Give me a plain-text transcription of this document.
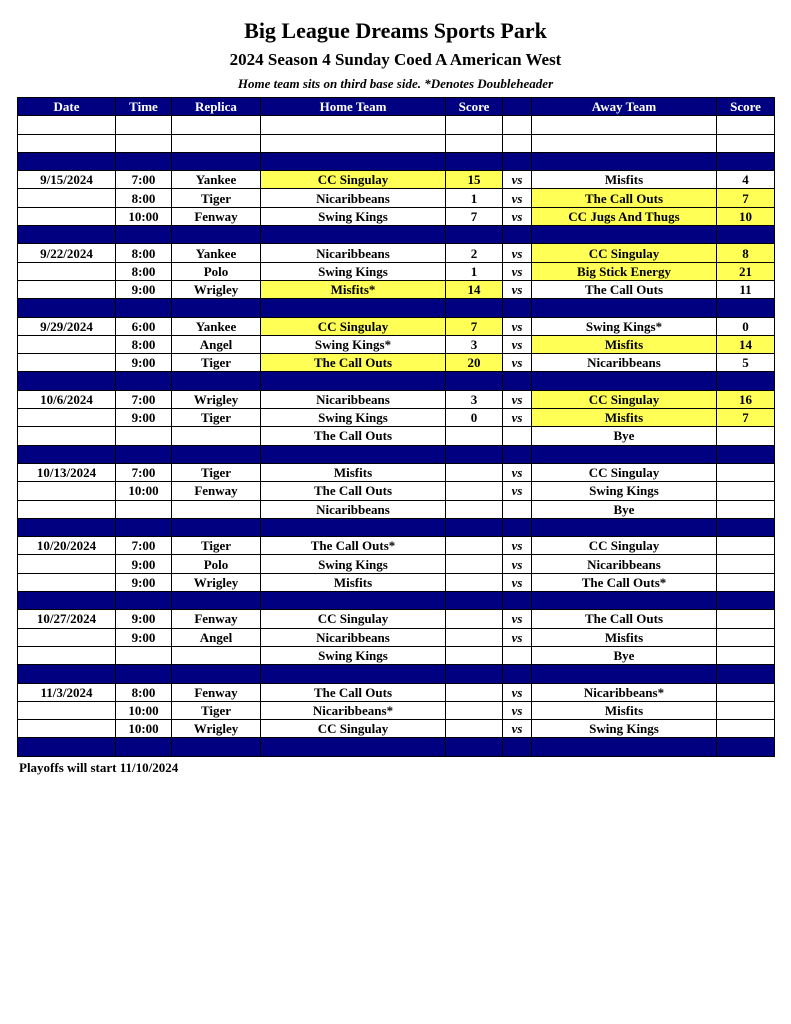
Big League Dreams Sports Park
2024 Season 4 Sunday Coed A American West
Home team sits on third base side. *Denotes Doubleheader
Date	Time	Replica	Home Team	Score		Away Team	Score

9/15/2024	7:00	Yankee	CC Singulay	15	vs	Misfits	4
	8:00	Tiger	Nicaribbeans	1	vs	The Call Outs	7
	10:00	Fenway	Swing Kings	7	vs	CC Jugs And Thugs	10

9/22/2024	8:00	Yankee	Nicaribbeans	2	vs	CC Singulay	8
	8:00	Polo	Swing Kings	1	vs	Big Stick Energy	21
	9:00	Wrigley	Misfits*	14	vs	The Call Outs	11

9/29/2024	6:00	Yankee	CC Singulay	7	vs	Swing Kings*	0
	8:00	Angel	Swing Kings*	3	vs	Misfits	14
	9:00	Tiger	The Call Outs	20	vs	Nicaribbeans	5

10/6/2024	7:00	Wrigley	Nicaribbeans	3	vs	CC Singulay	16
	9:00	Tiger	Swing Kings	0	vs	Misfits	7
			The Call Outs			Bye	

10/13/2024	7:00	Tiger	Misfits		vs	CC Singulay	
	10:00	Fenway	The Call Outs		vs	Swing Kings	
			Nicaribbeans			Bye	

10/20/2024	7:00	Tiger	The Call Outs*		vs	CC Singulay	
	9:00	Polo	Swing Kings		vs	Nicaribbeans	
	9:00	Wrigley	Misfits		vs	The Call Outs*	

10/27/2024	9:00	Fenway	CC Singulay		vs	The Call Outs	
	9:00	Angel	Nicaribbeans		vs	Misfits	
			Swing Kings			Bye	

11/3/2024	8:00	Fenway	The Call Outs		vs	Nicaribbeans*	
	10:00	Tiger	Nicaribbeans*		vs	Misfits	
	10:00	Wrigley	CC Singulay		vs	Swing Kings	

Playoffs will start 11/10/2024
